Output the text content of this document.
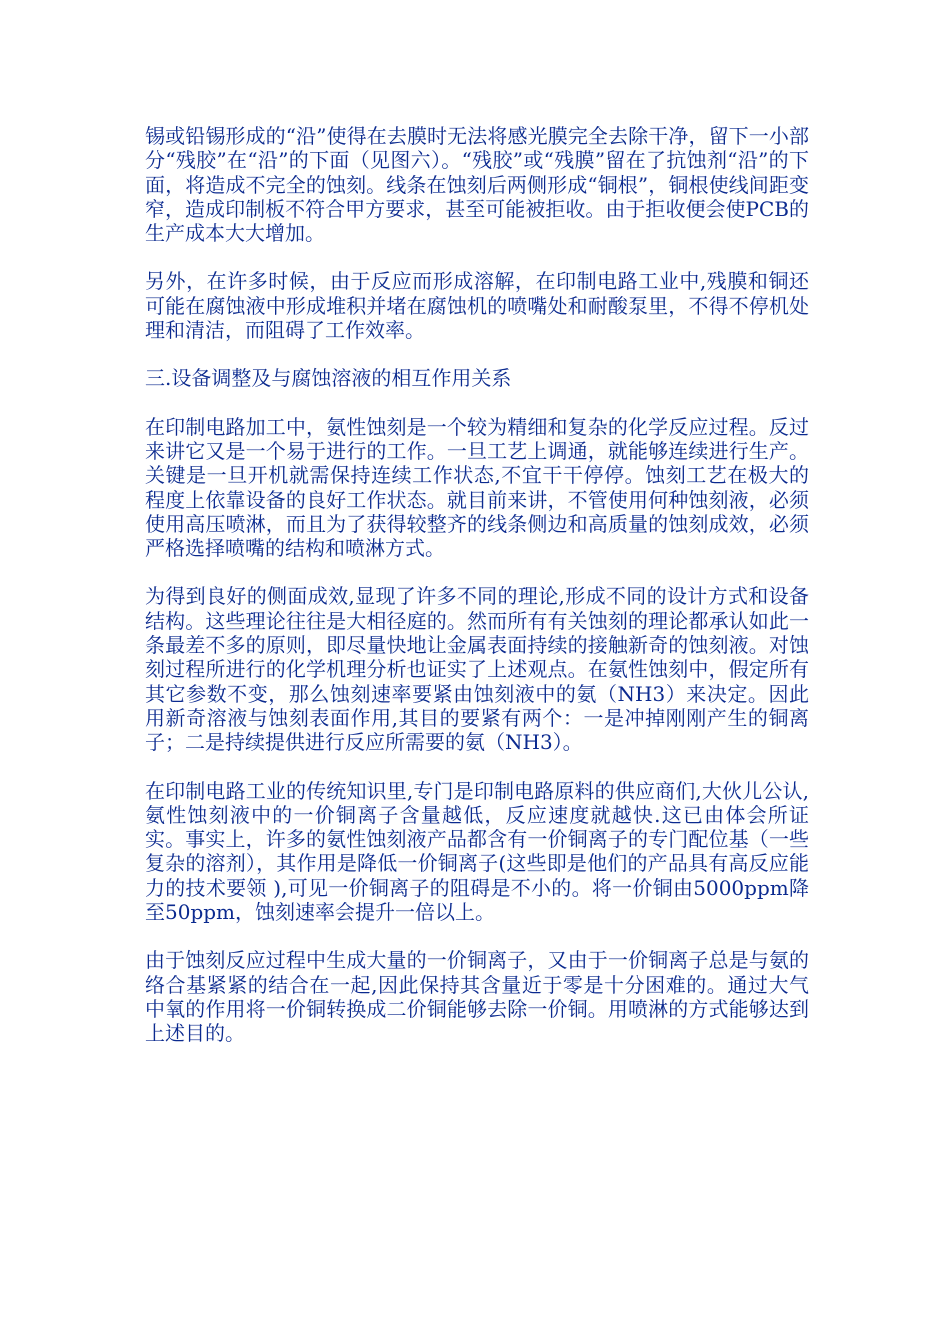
锡或铅锡形成的“沿”使得在去膜时无法将感光膜完全去除干净，留下一小部分“残胶”在“沿”的下面（见图六）。“残胶”或“残膜”留在了抗蚀剂“沿”的下面，将造成不完全的蚀刻。线条在蚀刻后两侧形成“铜根”，铜根使线间距变窄，造成印制板不符合甲方要求，甚至可能被拒收。由于拒收便会使PCB的生产成本大大增加。

另外，在许多时候，由于反应而形成溶解，在印制电路工业中,残膜和铜还可能在腐蚀液中形成堆积并堵在腐蚀机的喷嘴处和耐酸泵里，不得不停机处理和清洁，而阻碍了工作效率。

三.设备调整及与腐蚀溶液的相互作用关系

在印制电路加工中，氨性蚀刻是一个较为精细和复杂的化学反应过程。反过来讲它又是一个易于进行的工作。一旦工艺上调通，就能够连续进行生产。关键是一旦开机就需保持连续工作状态,不宜干干停停。蚀刻工艺在极大的程度上依靠设备的良好工作状态。就目前来讲，不管使用何种蚀刻液，必须使用高压喷淋，而且为了获得较整齐的线条侧边和高质量的蚀刻成效，必须严格选择喷嘴的结构和喷淋方式。

为得到良好的侧面成效,显现了许多不同的理论,形成不同的设计方式和设备结构。这些理论往往是大相径庭的。然而所有有关蚀刻的理论都承认如此一条最差不多的原则，即尽量快地让金属表面持续的接触新奇的蚀刻液。对蚀刻过程所进行的化学机理分析也证实了上述观点。在氨性蚀刻中，假定所有其它参数不变，那么蚀刻速率要紧由蚀刻液中的氨（NH3）来决定。因此用新奇溶液与蚀刻表面作用,其目的要紧有两个：一是冲掉刚刚产生的铜离子；二是持续提供进行反应所需要的氨（NH3）。

在印制电路工业的传统知识里,专门是印制电路原料的供应商们,大伙儿公认,氨性蚀刻液中的一价铜离子含量越低，反应速度就越快.这已由体会所证实。事实上，许多的氨性蚀刻液产品都含有一价铜离子的专门配位基（一些复杂的溶剂），其作用是降低一价铜离子(这些即是他们的产品具有高反应能力的技术要领 ),可见一价铜离子的阻碍是不小的。将一价铜由5000ppm降至50ppm，蚀刻速率会提升一倍以上。

由于蚀刻反应过程中生成大量的一价铜离子，又由于一价铜离子总是与氨的络合基紧紧的结合在一起,因此保持其含量近于零是十分困难的。通过大气中氧的作用将一价铜转换成二价铜能够去除一价铜。用喷淋的方式能够达到上述目的。
